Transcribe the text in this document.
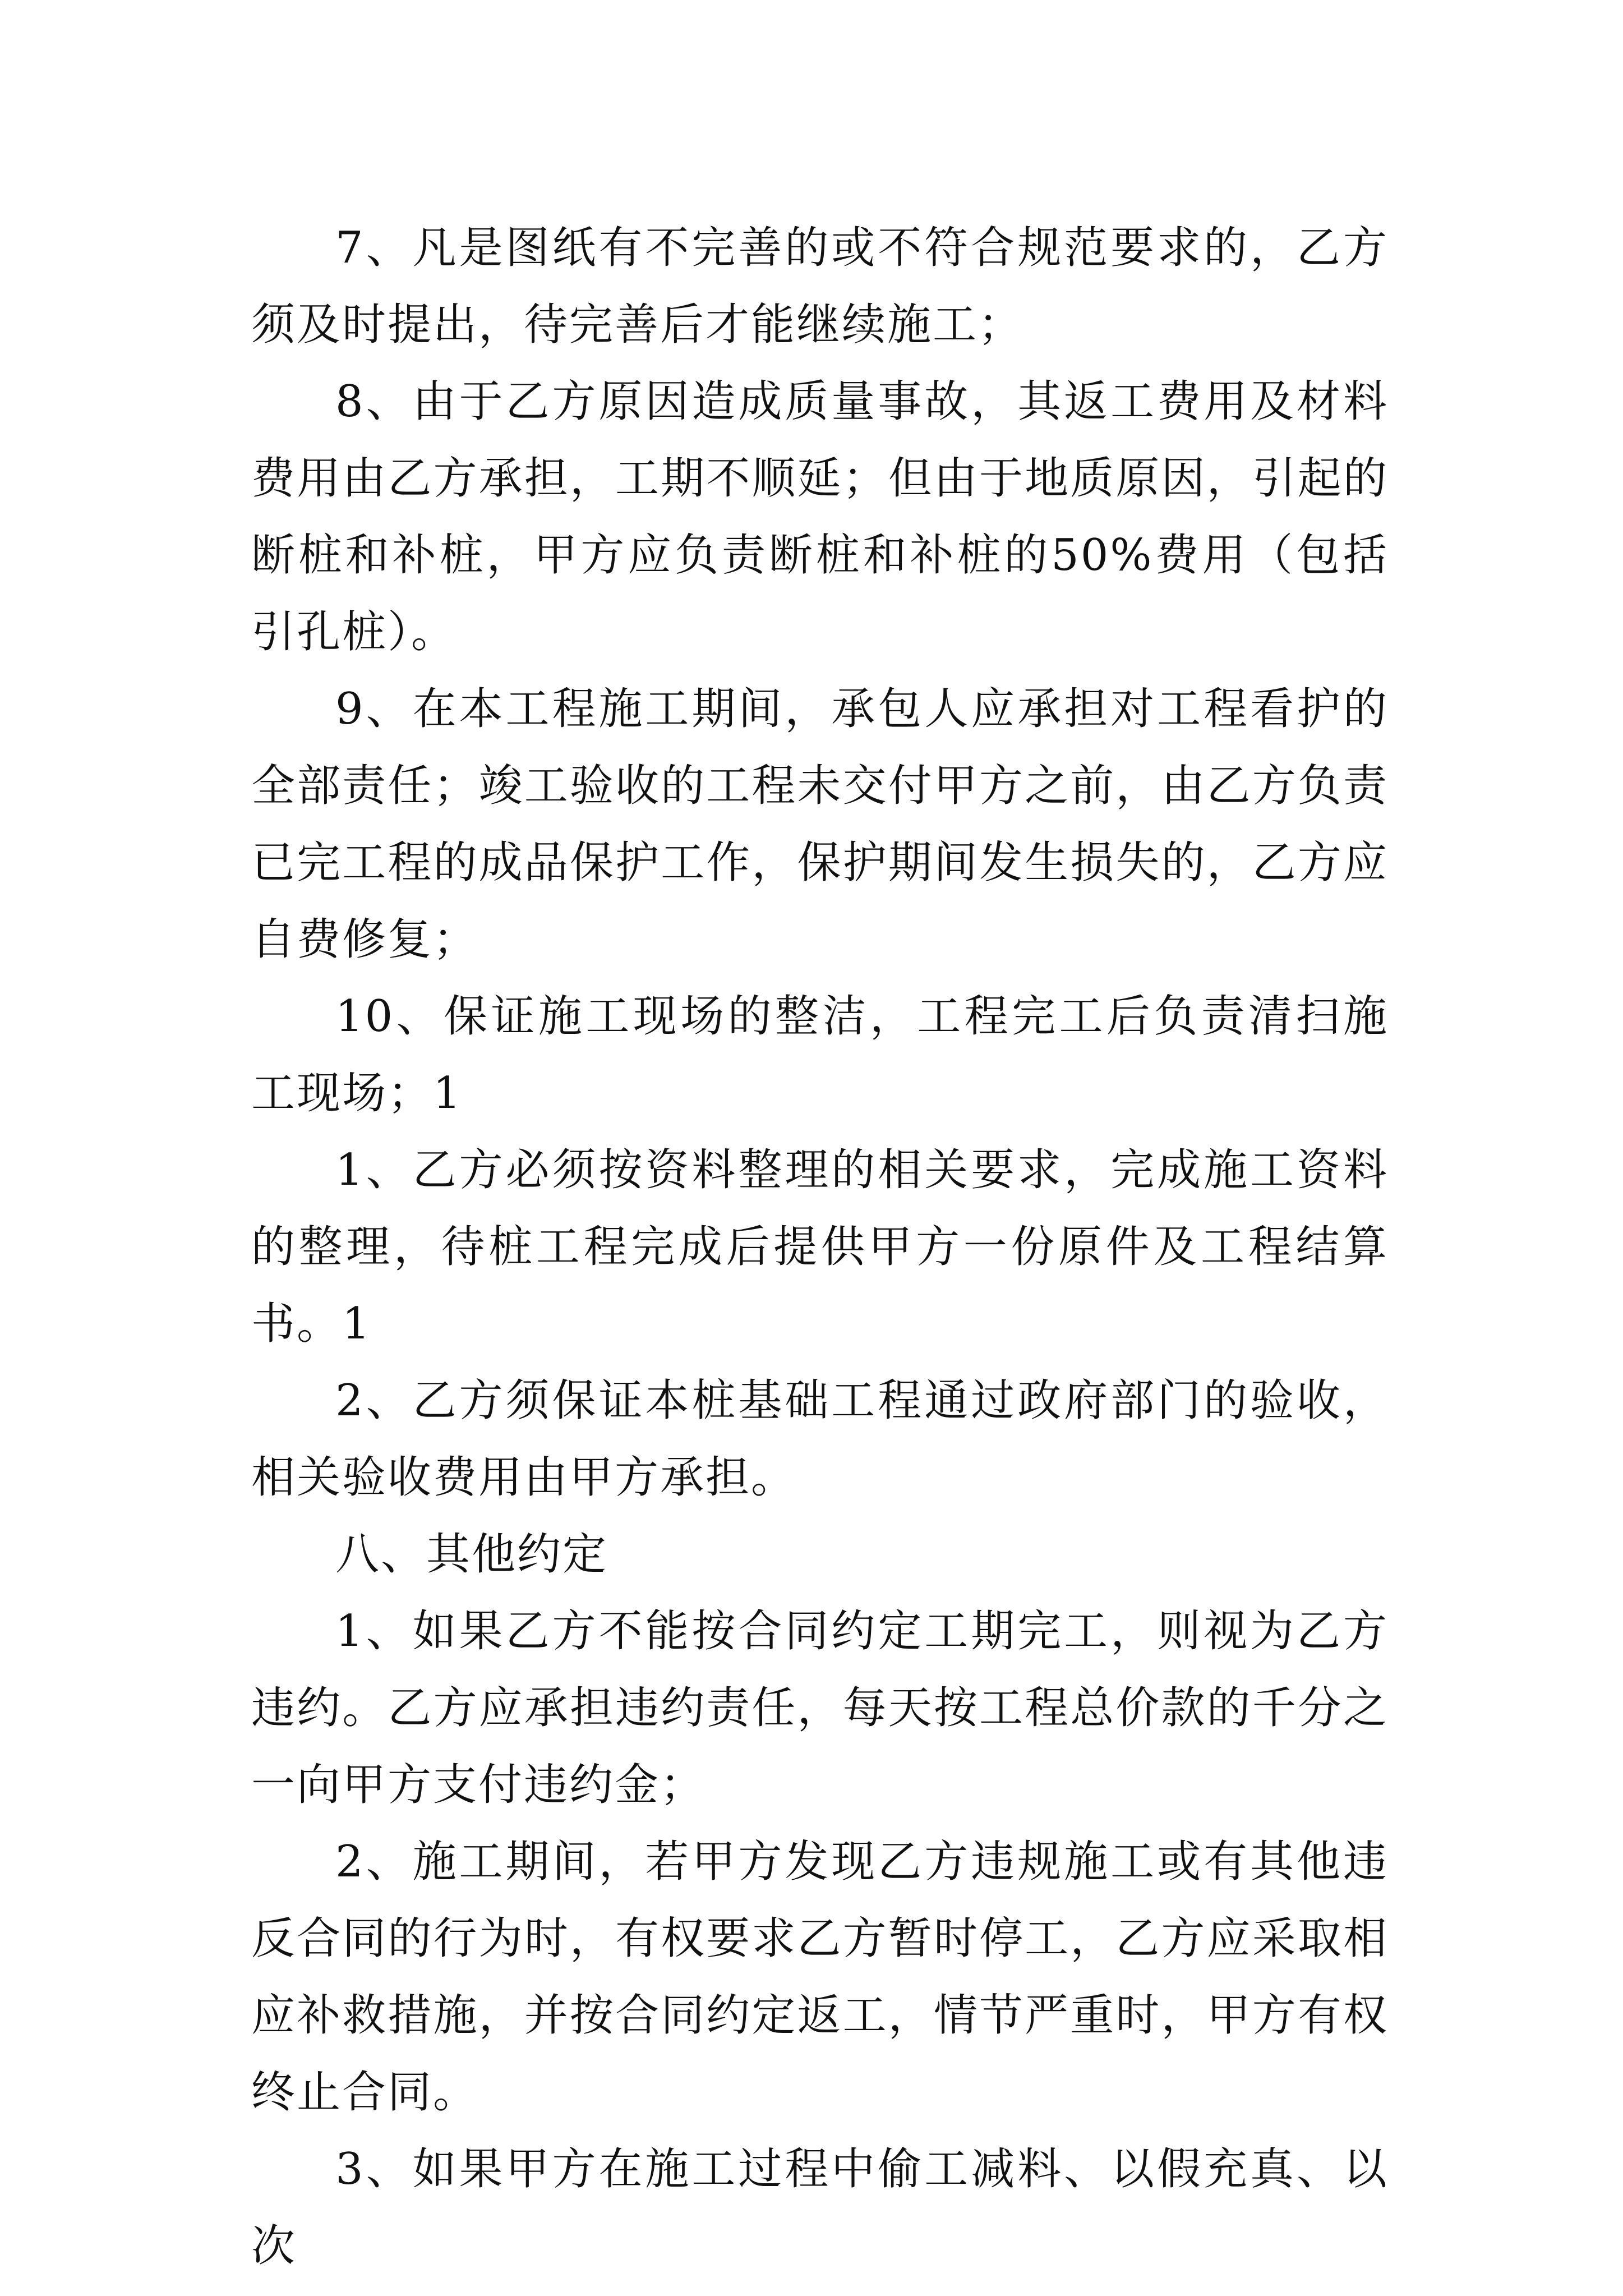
7、凡是图纸有不完善的或不符合规范要求的，乙方须及时提出，待完善后才能继续施工；

8、由于乙方原因造成质量事故，其返工费用及材料费用由乙方承担，工期不顺延；但由于地质原因，引起的断桩和补桩，甲方应负责断桩和补桩的50%费用（包括引孔桩）。

9、在本工程施工期间，承包人应承担对工程看护的全部责任；竣工验收的工程未交付甲方之前，由乙方负责已完工程的成品保护工作，保护期间发生损失的，乙方应自费修复；

10、保证施工现场的整洁，工程完工后负责清扫施工现场；1

1、乙方必须按资料整理的相关要求，完成施工资料的整理，待桩工程完成后提供甲方一份原件及工程结算书。1

2、乙方须保证本桩基础工程通过政府部门的验收，相关验收费用由甲方承担。

八、其他约定

1、如果乙方不能按合同约定工期完工，则视为乙方违约。乙方应承担违约责任，每天按工程总价款的千分之一向甲方支付违约金；

2、施工期间，若甲方发现乙方违规施工或有其他违反合同的行为时，有权要求乙方暂时停工，乙方应采取相应补救措施，并按合同约定返工，情节严重时，甲方有权终止合同。

3、如果甲方在施工过程中偷工减料、以假充真、以次
